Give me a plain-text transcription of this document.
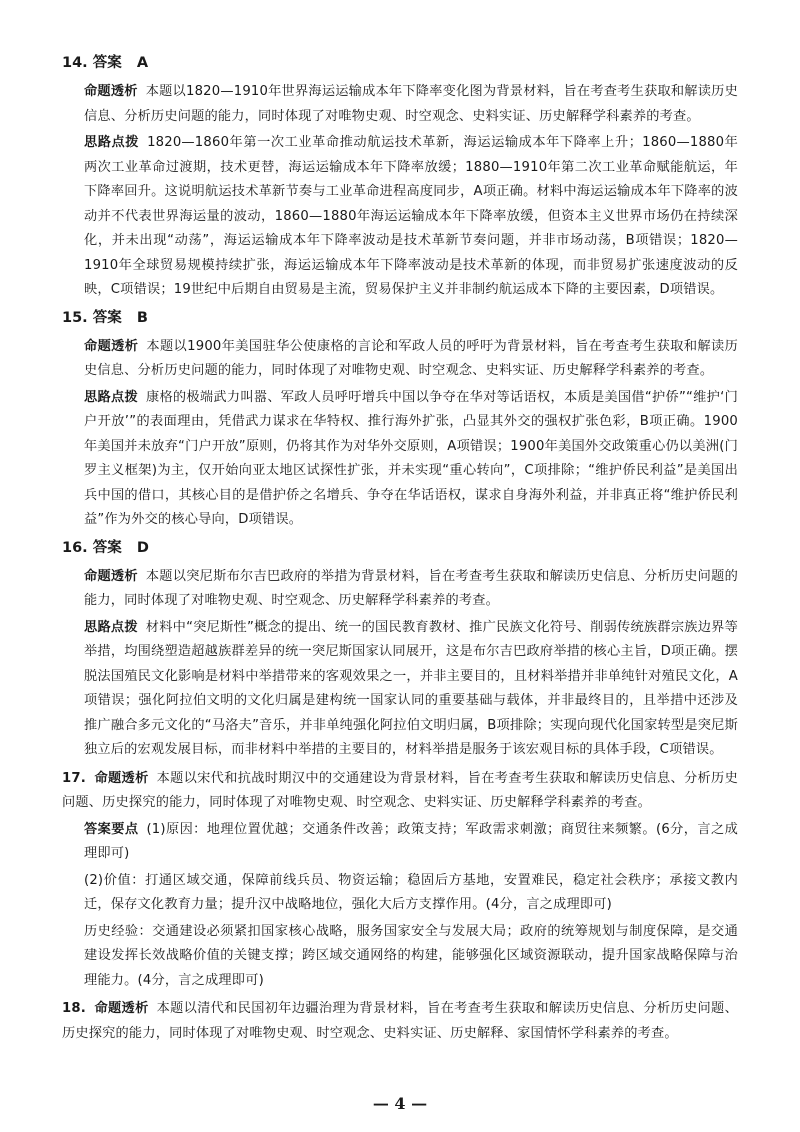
14. 答案 A

命题透析 本题以1820—1910年世界海运运输成本年下降率变化图为背景材料，旨在考查考生获取和解读历史信息、分析历史问题的能力，同时体现了对唯物史观、时空观念、史料实证、历史解释学科素养的考查。

思路点拨 1820—1860年第一次工业革命推动航运技术革新，海运运输成本年下降率上升；1860—1880年两次工业革命过渡期，技术更替，海运运输成本年下降率放缓；1880—1910年第二次工业革命赋能航运，年下降率回升。这说明航运技术革新节奏与工业革命进程高度同步，A项正确。材料中海运运输成本年下降率的波动并不代表世界海运量的波动，1860—1880年海运运输成本年下降率放缓，但资本主义世界市场仍在持续深化，并未出现“动荡”，海运运输成本年下降率波动是技术革新节奏问题，并非市场动荡，B项错误；1820—1910年全球贸易规模持续扩张，海运运输成本年下降率波动是技术革新的体现，而非贸易扩张速度波动的反映，C项错误；19世纪中后期自由贸易是主流，贸易保护主义并非制约航运成本下降的主要因素，D项错误。

15. 答案 B

命题透析 本题以1900年美国驻华公使康格的言论和军政人员的呼吁为背景材料，旨在考查考生获取和解读历史信息、分析历史问题的能力，同时体现了对唯物史观、时空观念、史料实证、历史解释学科素养的考查。

思路点拨 康格的极端武力叫嚣、军政人员呼吁增兵中国以争夺在华对等话语权，本质是美国借“护侨”“维护‘门户开放’”的表面理由，凭借武力谋求在华特权、推行海外扩张，凸显其外交的强权扩张色彩，B项正确。1900年美国并未放弃“门户开放”原则，仍将其作为对华外交原则，A项错误；1900年美国外交政策重心仍以美洲(门罗主义框架)为主，仅开始向亚太地区试探性扩张，并未实现“重心转向”，C项排除；“维护侨民利益”是美国出兵中国的借口，其核心目的是借护侨之名增兵、争夺在华话语权，谋求自身海外利益，并非真正将“维护侨民利益”作为外交的核心导向，D项错误。

16. 答案 D

命题透析 本题以突尼斯布尔吉巴政府的举措为背景材料，旨在考查考生获取和解读历史信息、分析历史问题的能力，同时体现了对唯物史观、时空观念、历史解释学科素养的考查。

思路点拨 材料中“突尼斯性”概念的提出、统一的国民教育教材、推广民族文化符号、削弱传统族群宗族边界等举措，均围绕塑造超越族群差异的统一突尼斯国家认同展开，这是布尔吉巴政府举措的核心主旨，D项正确。摆脱法国殖民文化影响是材料中举措带来的客观效果之一，并非主要目的，且材料举措并非单纯针对殖民文化，A项错误；强化阿拉伯文明的文化归属是建构统一国家认同的重要基础与载体，并非最终目的，且举措中还涉及推广融合多元文化的“马洛夫”音乐，并非单纯强化阿拉伯文明归属，B项排除；实现向现代化国家转型是突尼斯独立后的宏观发展目标，而非材料中举措的主要目的，材料举措是服务于该宏观目标的具体手段，C项错误。

17. 命题透析 本题以宋代和抗战时期汉中的交通建设为背景材料，旨在考查考生获取和解读历史信息、分析历史问题、历史探究的能力，同时体现了对唯物史观、时空观念、史料实证、历史解释学科素养的考查。

答案要点 (1)原因：地理位置优越；交通条件改善；政策支持；军政需求刺激；商贸往来频繁。(6分，言之成理即可)

(2)价值：打通区域交通，保障前线兵员、物资运输；稳固后方基地，安置难民，稳定社会秩序；承接文教内迁，保存文化教育力量；提升汉中战略地位，强化大后方支撑作用。(4分，言之成理即可)

历史经验：交通建设必须紧扣国家核心战略，服务国家安全与发展大局；政府的统筹规划与制度保障，是交通建设发挥长效战略价值的关键支撑；跨区域交通网络的构建，能够强化区域资源联动，提升国家战略保障与治理能力。(4分，言之成理即可)

18. 命题透析 本题以清代和民国初年边疆治理为背景材料，旨在考查考生获取和解读历史信息、分析历史问题、历史探究的能力，同时体现了对唯物史观、时空观念、史料实证、历史解释、家国情怀学科素养的考查。

— 4 —
